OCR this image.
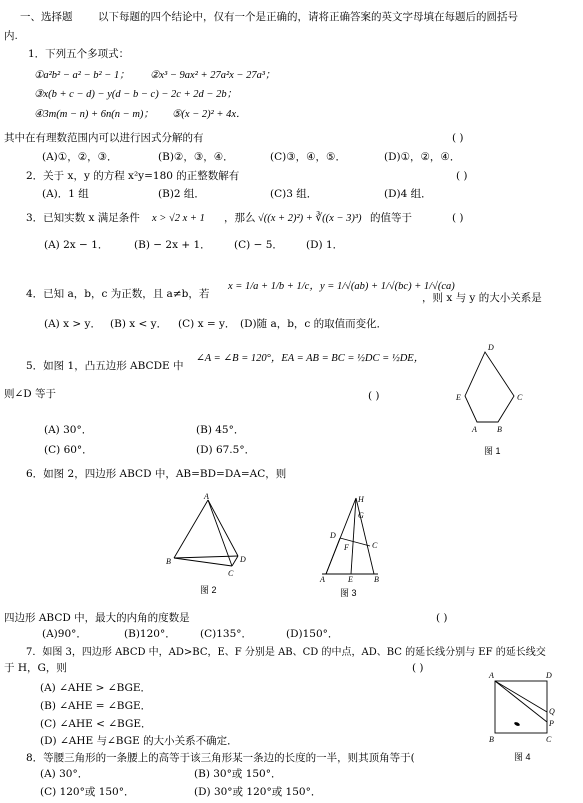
一、选择题 以下每题的四个结论中，仅有一个是正确的，请将正确答案的英文字母填在每题后的圆括号
内.
1．下列五个多项式：
①a²b² − a² − b² − 1； ②x³ − 9ax² + 27a²x − 27a³；
③x(b + c − d) − y(d − b − c) − 2c + 2d − 2b；
④3m(m − n) + 6n(n − m)； ⑤(x − 2)² + 4x．
其中在有理数范围内可以进行因式分解的有	( )
(A)①，②，③．	(B)②，③，④．	(C)③，④，⑤．	(D)①，②，④．
2．关于 x，y 的方程 x²y=180 的正整数解有	( )
(A)．1 组	(B)2 组．	(C)3 组．	(D)4 组．
3．已知实数 x 满足条件 x > √2 x + 1 ，那么 √((x + 2)²) + ∛((x − 3)³) 的值等于	( )
(A) 2x − 1． (B) − 2x + 1． (C) − 5． (D) 1．
4．已知 a，b，c 为正数，且 a≠b，若
x = 1/a + 1/b + 1/c， y = 1/√(ab) + 1/√(bc) + 1/√(ca)
，则 x 与 y 的大小关系是
(A) x > y． (B) x < y． (C) x = y． (D)随 a，b，c 的取值而变化．
5．如图 1，凸五边形 ABCDE 中
∠A = ∠B = 120°，EA = AB = BC = ½DC = ½DE，
则∠D 等于	( )
(A) 30°．	(B) 45°．
(C) 60°．	(D) 67.5°．
D
E	C
A	B
图 1
6．如图 2，四边形 ABCD 中，AB=BD=DA=AC，则
A
B	D
C
图 2
H
G
D
F	C
A	E	B
图 3
四边形 ABCD 中，最大的内角的度数是	( )
(A)90°．	(B)120°． (C)135°．	(D)150°．
7．如图 3，四边形 ABCD 中，AD>BC，E、F 分别是 AB、CD 的中点，AD、BC 的延长线分别与 EF 的延长线交
于 H，G，则	( )
(A) ∠AHE > ∠BGE．
(B) ∠AHE = ∠BGE．
(C) ∠AHE < ∠BGE．
(D) ∠AHE 与∠BGE 的大小关系不确定．
A	D
Q
P
B	C
图 4
8．等腰三角形的一条腰上的高等于该三角形某一条边的长度的一半，则其顶角等于(
(A) 30°．	(B) 30°或 150°．
(C) 120°或 150°．	(D) 30°或 120°或 150°．
